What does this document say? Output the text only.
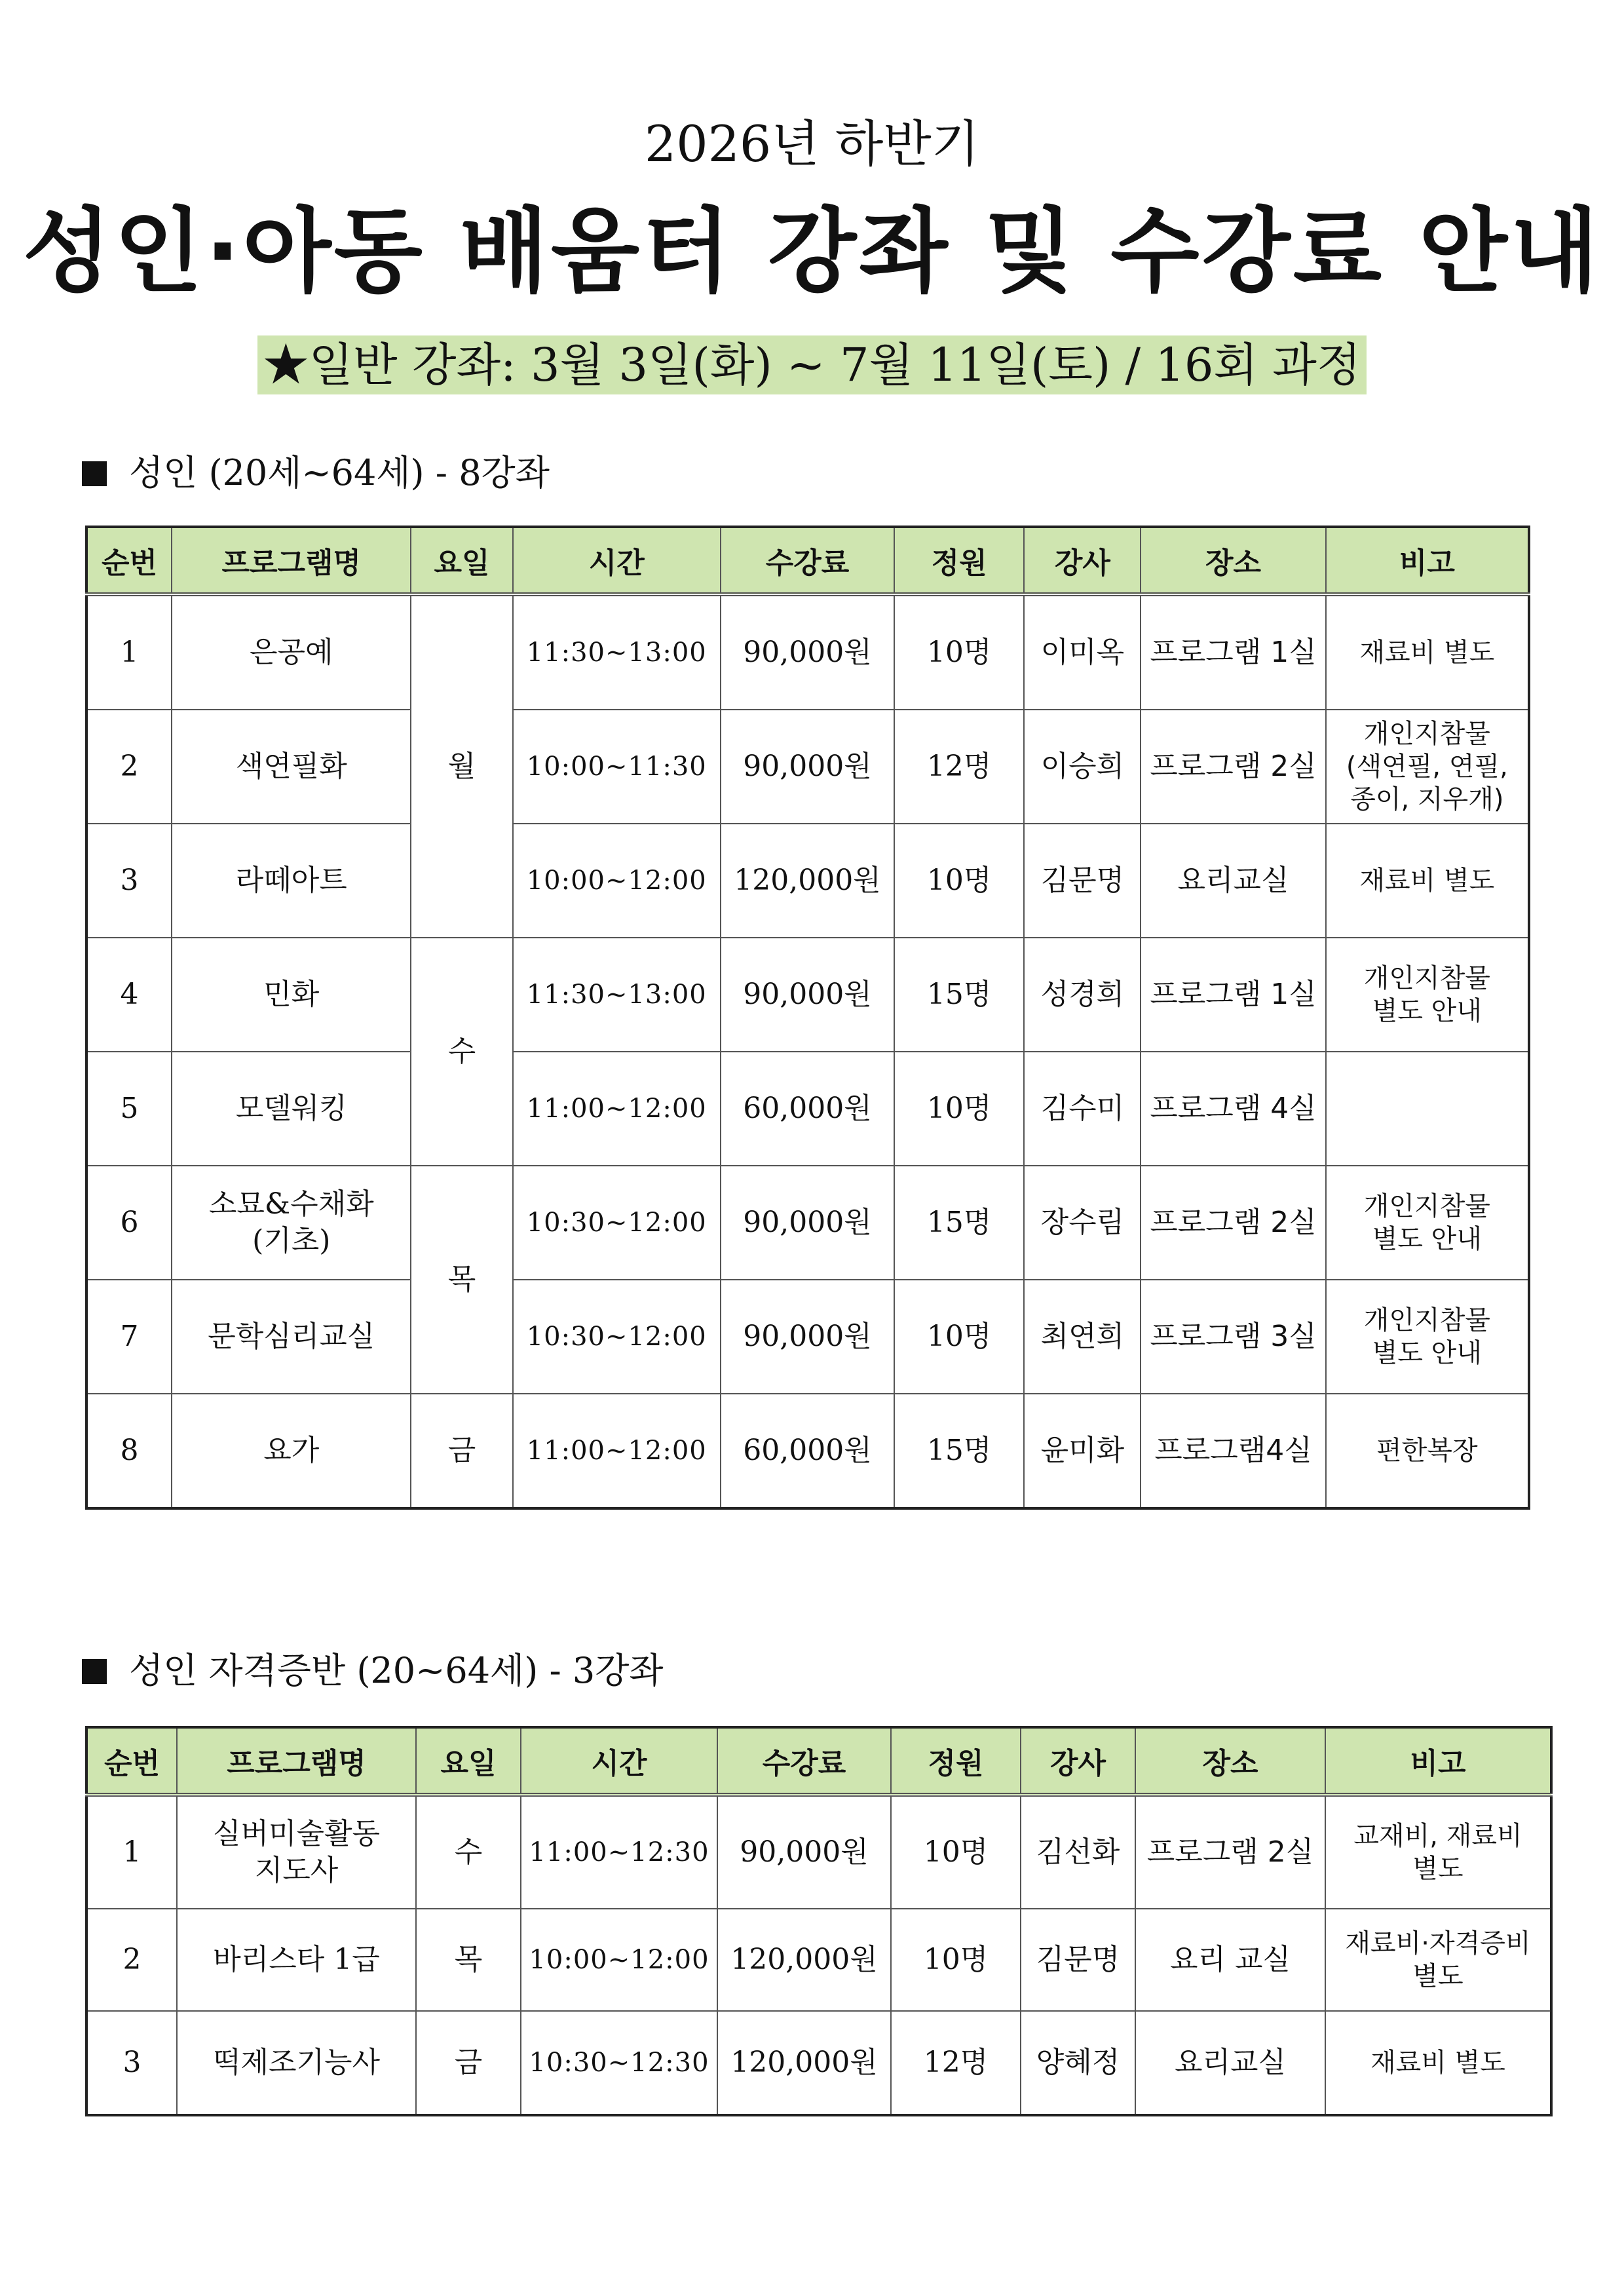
2026년 하반기
성인·아동 배움터 강좌 및 수강료 안내
★일반 강좌: 3월 3일(화) ~ 7월 11일(토) / 16회 과정
성인 (20세~64세) - 8강좌
순번	프로그램명	요일	시간	수강료	정원	강사	장소	비고
1	은공예	월	11:30~13:00	90,000원	10명	이미옥	프로그램 1실	재료비 별도
2	색연필화		10:00~11:30	90,000원	12명	이승희	프로그램 2실	개인지참물
(색연필, 연필,
종이, 지우개)
3	라떼아트		10:00~12:00	120,000원	10명	김문명	요리교실	재료비 별도
4	민화	수	11:30~13:00	90,000원	15명	성경희	프로그램 1실	개인지참물
별도 안내
5	모델워킹		11:00~12:00	60,000원	10명	김수미	프로그램 4실	
6	소묘&수채화
(기초)	목	10:30~12:00	90,000원	15명	장수림	프로그램 2실	개인지참물
별도 안내
7	문학심리교실		10:30~12:00	90,000원	10명	최연희	프로그램 3실	개인지참물
별도 안내
8	요가	금	11:00~12:00	60,000원	15명	윤미화	프로그램4실	편한복장
성인 자격증반 (20~64세) - 3강좌
순번	프로그램명	요일	시간	수강료	정원	강사	장소	비고
1	실버미술활동
지도사	수	11:00~12:30	90,000원	10명	김선화	프로그램 2실	교재비, 재료비
별도
2	바리스타 1급	목	10:00~12:00	120,000원	10명	김문명	요리 교실	재료비·자격증비
별도
3	떡제조기능사	금	10:30~12:30	120,000원	12명	양혜정	요리교실	재료비 별도
